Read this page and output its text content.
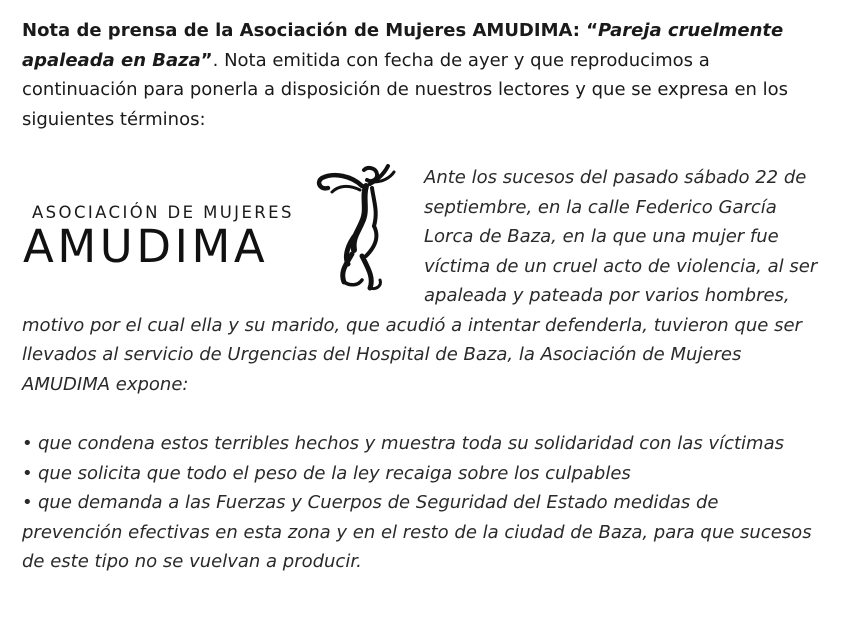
Nota de prensa de la Asociación de Mujeres AMUDIMA: “Pareja cruelmente apaleada en Baza”. Nota emitida con fecha de ayer y que reproducimos a continuación para ponerla a disposición de nuestros lectores y que se expresa en los siguientes términos:

ASOCIACIÓN DE MUJERES
AMUDIMA

Ante los sucesos del pasado sábado 22 de septiembre, en la calle Federico García Lorca de Baza, en la que una mujer fue víctima de un cruel acto de violencia, al ser apaleada y pateada por varios hombres, motivo por el cual ella y su marido, que acudió a intentar defenderla, tuvieron que ser llevados al servicio de Urgencias del Hospital de Baza, la Asociación de Mujeres AMUDIMA expone:

• que condena estos terribles hechos y muestra toda su solidaridad con las víctimas
• que solicita que todo el peso de la ley recaiga sobre los culpables
• que demanda a las Fuerzas y Cuerpos de Seguridad del Estado medidas de prevención efectivas en esta zona y en el resto de la ciudad de Baza, para que sucesos de este tipo no se vuelvan a producir.
